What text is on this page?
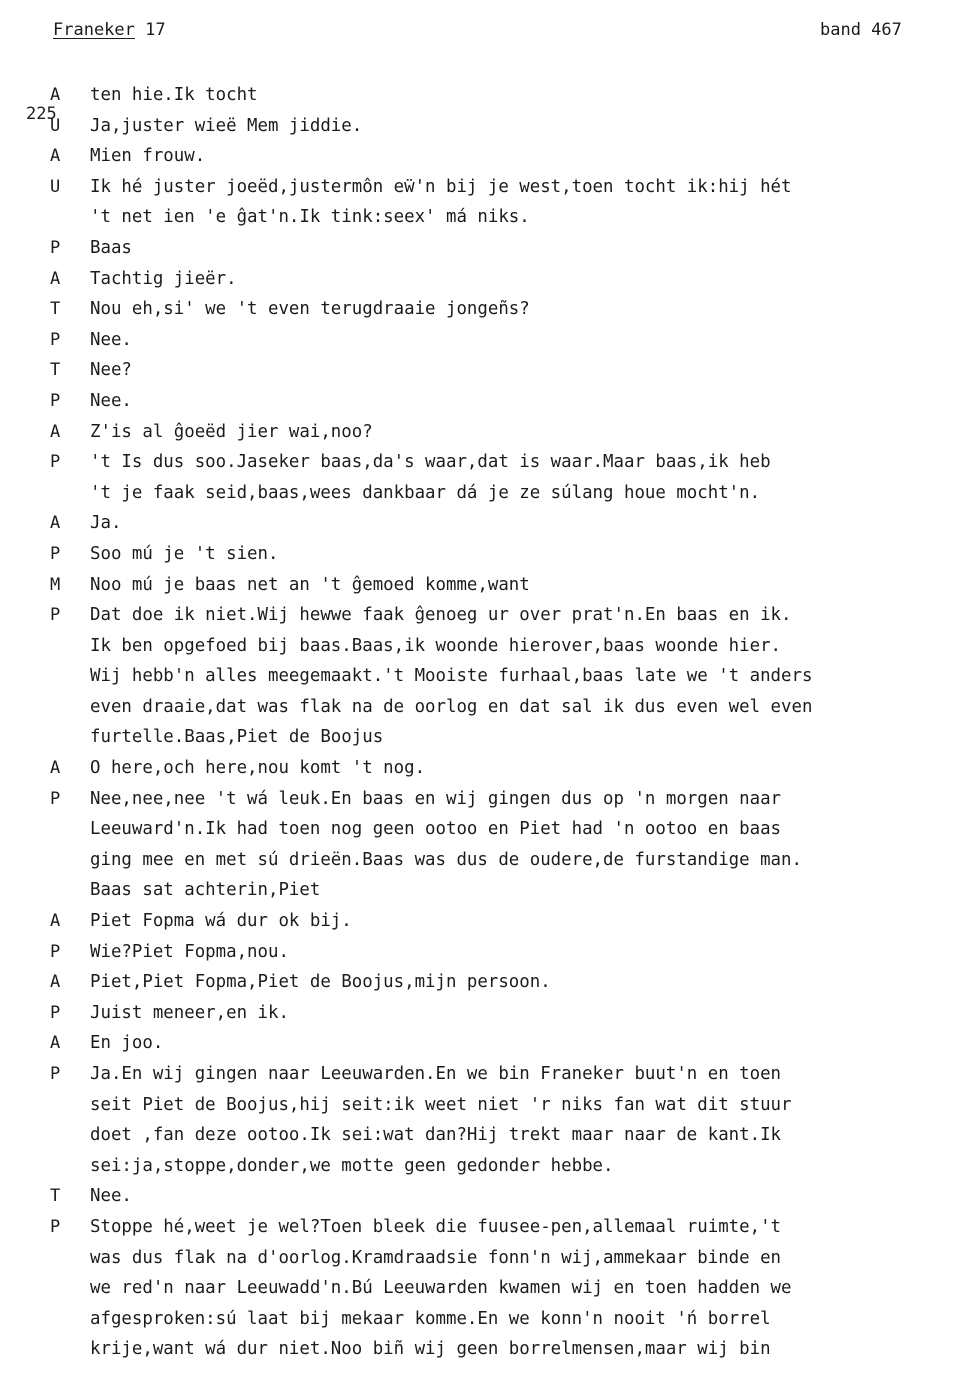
Franeker 17	band 467
225
A	ten hie.Ik tocht
U	Ja,juster wieë Mem jiddie.
A	Mien frouw.
U	Ik hé juster joeëd,justermôn eẅ'n bij je west,toen tocht ik:hij hét
't net ien 'e ĝat'n.Ik tink:seex' má niks.
P	Baas
A	Tachtig jieër.
T	Nou eh,si' we 't even terugdraaie jongeñs?
P	Nee.
T	Nee?
P	Nee.
A	Z'is al ĝoeëd jier wai,noo?
P	't Is dus soo.Jaseker baas,da's waar,dat is waar.Maar baas,ik heb
't je faak seid,baas,wees dankbaar dá je ze súlang houe mocht'n.
A	Ja.
P	Soo mú je 't sien.
M	Noo mú je baas net an 't ĝemoed komme,want
P	Dat doe ik niet.Wij hewwe faak ĝenoeg ur over prat'n.En baas en ik.
Ik ben opgefoed bij baas.Baas,ik woonde hierover,baas woonde hier.
Wij hebb'n alles meegemaakt.'t Mooiste furhaal,baas late we 't anders
even draaie,dat was flak na de oorlog en dat sal ik dus even wel even
furtelle.Baas,Piet de Boojus
A	O here,och here,nou komt 't nog.
P	Nee,nee,nee 't wá leuk.En baas en wij gingen dus op 'n morgen naar
Leeuward'n.Ik had toen nog geen ootoo en Piet had 'n ootoo en baas
ging mee en met sú drieën.Baas was dus de oudere,de furstandige man.
Baas sat achterin,Piet
A	Piet Fopma wá dur ok bij.
P	Wie?Piet Fopma,nou.
A	Piet,Piet Fopma,Piet de Boojus,mijn persoon.
P	Juist meneer,en ik.
A	En joo.
P	Ja.En wij gingen naar Leeuwarden.En we bin Franeker buut'n en toen
seit Piet de Boojus,hij seit:ik weet niet 'r niks fan wat dit stuur
doet ,fan deze ootoo.Ik sei:wat dan?Hij trekt maar naar de kant.Ik
sei:ja,stoppe,donder,we motte geen gedonder hebbe.
T	Nee.
P	Stoppe hé,weet je wel?Toen bleek die fuusee-pen,allemaal ruimte,'t
was dus flak na d'oorlog.Kramdraadsie fonn'n wij,ammekaar binde en
we red'n naar Leeuwadd'n.Bú Leeuwarden kwamen wij en toen hadden we
afgesproken:sú laat bij mekaar komme.En we konn'n nooit 'ń borrel
krije,want wá dur niet.Noo biñ wij geen borrelmensen,maar wij bin
